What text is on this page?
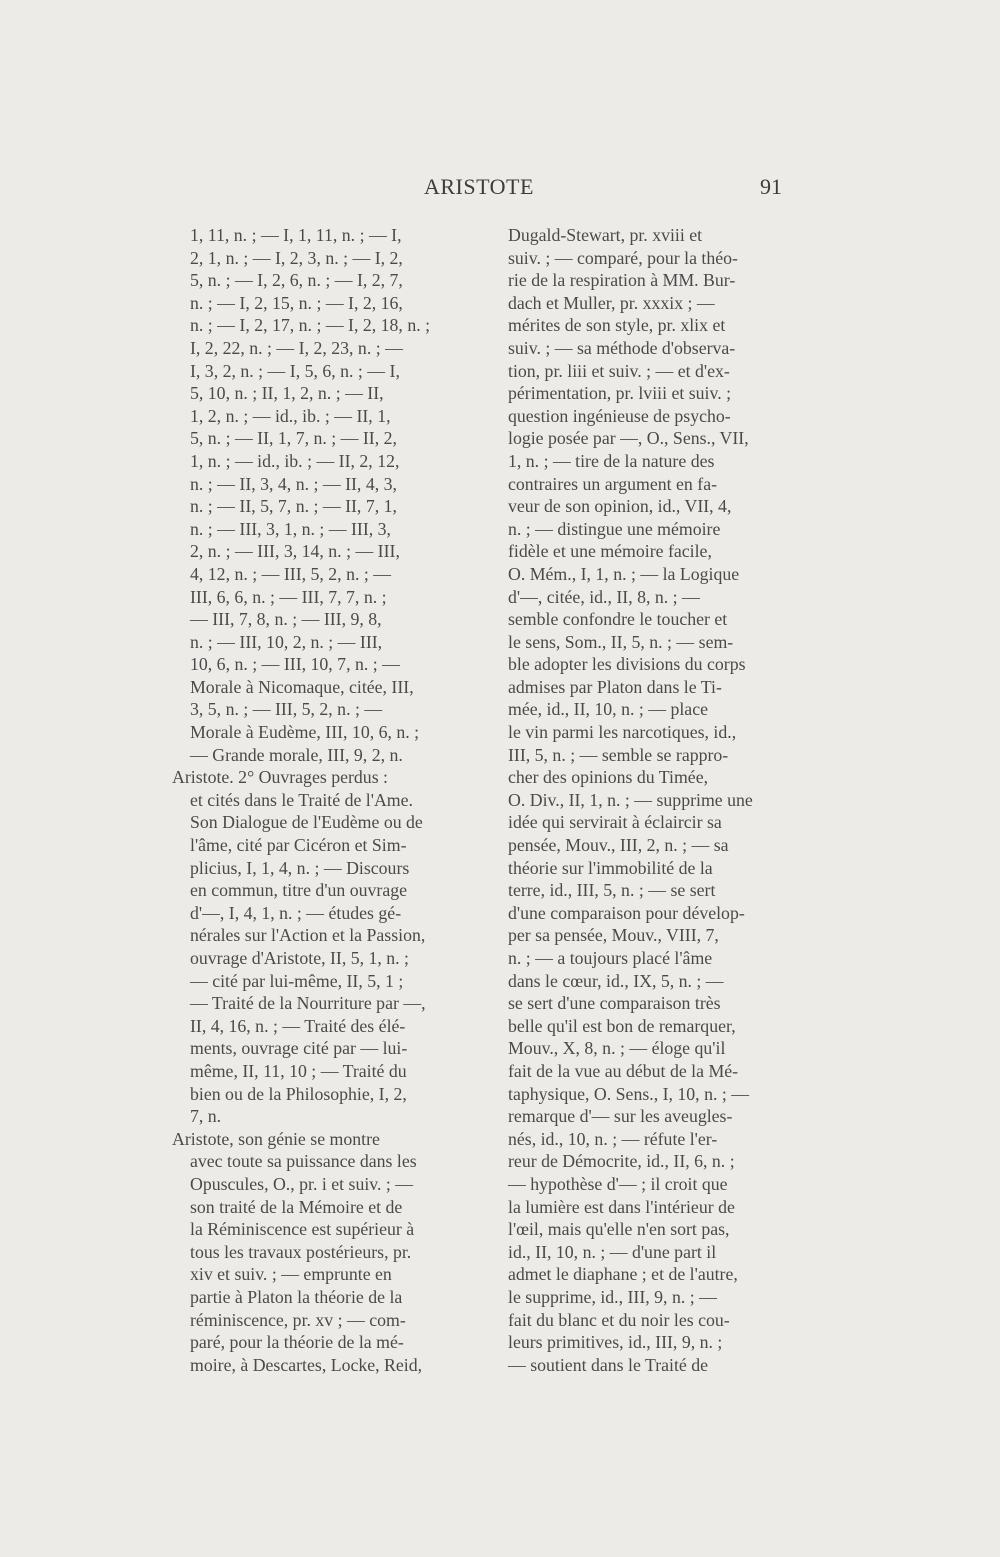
ARISTOTE	91
1, 11, n. ; — I, 1, 11, n. ; — I,
2, 1, n. ; — I, 2, 3, n. ; — I, 2,
5, n. ; — I, 2, 6, n. ; — I, 2, 7,
n. ; — I, 2, 15, n. ; — I, 2, 16,
n. ; — I, 2, 17, n. ; — I, 2, 18, n. ;
I, 2, 22, n. ; — I, 2, 23, n. ; —
I, 3, 2, n. ; — I, 5, 6, n. ; — I,
5, 10, n. ; II, 1, 2, n. ; — II,
1, 2, n. ; — id., ib. ; — II, 1,
5, n. ; — II, 1, 7, n. ; — II, 2,
1, n. ; — id., ib. ; — II, 2, 12,
n. ; — II, 3, 4, n. ; — II, 4, 3,
n. ; — II, 5, 7, n. ; — II, 7, 1,
n. ; — III, 3, 1, n. ; — III, 3,
2, n. ; — III, 3, 14, n. ; — III,
4, 12, n. ; — III, 5, 2, n. ; —
III, 6, 6, n. ; — III, 7, 7, n. ;
— III, 7, 8, n. ; — III, 9, 8,
n. ; — III, 10, 2, n. ; — III,
10, 6, n. ; — III, 10, 7, n. ; —
Morale à Nicomaque, citée, III,
3, 5, n. ; — III, 5, 2, n. ; —
Morale à Eudème, III, 10, 6, n. ;
— Grande morale, III, 9, 2, n.
Aristote. 2° Ouvrages perdus :
et cités dans le Traité de l'Ame.
Son Dialogue de l'Eudème ou de
l'âme, cité par Cicéron et Sim-
plicius, I, 1, 4, n. ; — Discours
en commun, titre d'un ouvrage
d'—, I, 4, 1, n. ; — études gé-
nérales sur l'Action et la Passion,
ouvrage d'Aristote, II, 5, 1, n. ;
— cité par lui-même, II, 5, 1 ;
— Traité de la Nourriture par —,
II, 4, 16, n. ; — Traité des élé-
ments, ouvrage cité par — lui-
même, II, 11, 10 ; — Traité du
bien ou de la Philosophie, I, 2,
7, n.
Aristote, son génie se montre
avec toute sa puissance dans les
Opuscules, O., pr. i et suiv. ; —
son traité de la Mémoire et de
la Réminiscence est supérieur à
tous les travaux postérieurs, pr.
xiv et suiv. ; — emprunte en
partie à Platon la théorie de la
réminiscence, pr. xv ; — com-
paré, pour la théorie de la mé-
moire, à Descartes, Locke, Reid,
Dugald-Stewart, pr. xviii et
suiv. ; — comparé, pour la théo-
rie de la respiration à MM. Bur-
dach et Muller, pr. xxxix ; —
mérites de son style, pr. xlix et
suiv. ; — sa méthode d'observa-
tion, pr. liii et suiv. ; — et d'ex-
périmentation, pr. lviii et suiv. ;
question ingénieuse de psycho-
logie posée par —, O., Sens., VII,
1, n. ; — tire de la nature des
contraires un argument en fa-
veur de son opinion, id., VII, 4,
n. ; — distingue une mémoire
fidèle et une mémoire facile,
O. Mém., I, 1, n. ; — la Logique
d'—, citée, id., II, 8, n. ; —
semble confondre le toucher et
le sens, Som., II, 5, n. ; — sem-
ble adopter les divisions du corps
admises par Platon dans le Ti-
mée, id., II, 10, n. ; — place
le vin parmi les narcotiques, id.,
III, 5, n. ; — semble se rappro-
cher des opinions du Timée,
O. Div., II, 1, n. ; — supprime une
idée qui servirait à éclaircir sa
pensée, Mouv., III, 2, n. ; — sa
théorie sur l'immobilité de la
terre, id., III, 5, n. ; — se sert
d'une comparaison pour dévelop-
per sa pensée, Mouv., VIII, 7,
n. ; — a toujours placé l'âme
dans le cœur, id., IX, 5, n. ; —
se sert d'une comparaison très
belle qu'il est bon de remarquer,
Mouv., X, 8, n. ; — éloge qu'il
fait de la vue au début de la Mé-
taphysique, O. Sens., I, 10, n. ; —
remarque d'— sur les aveugles-
nés, id., 10, n. ; — réfute l'er-
reur de Démocrite, id., II, 6, n. ;
— hypothèse d'— ; il croit que
la lumière est dans l'intérieur de
l'œil, mais qu'elle n'en sort pas,
id., II, 10, n. ; — d'une part il
admet le diaphane ; et de l'autre,
le supprime, id., III, 9, n. ; —
fait du blanc et du noir les cou-
leurs primitives, id., III, 9, n. ;
— soutient dans le Traité de
